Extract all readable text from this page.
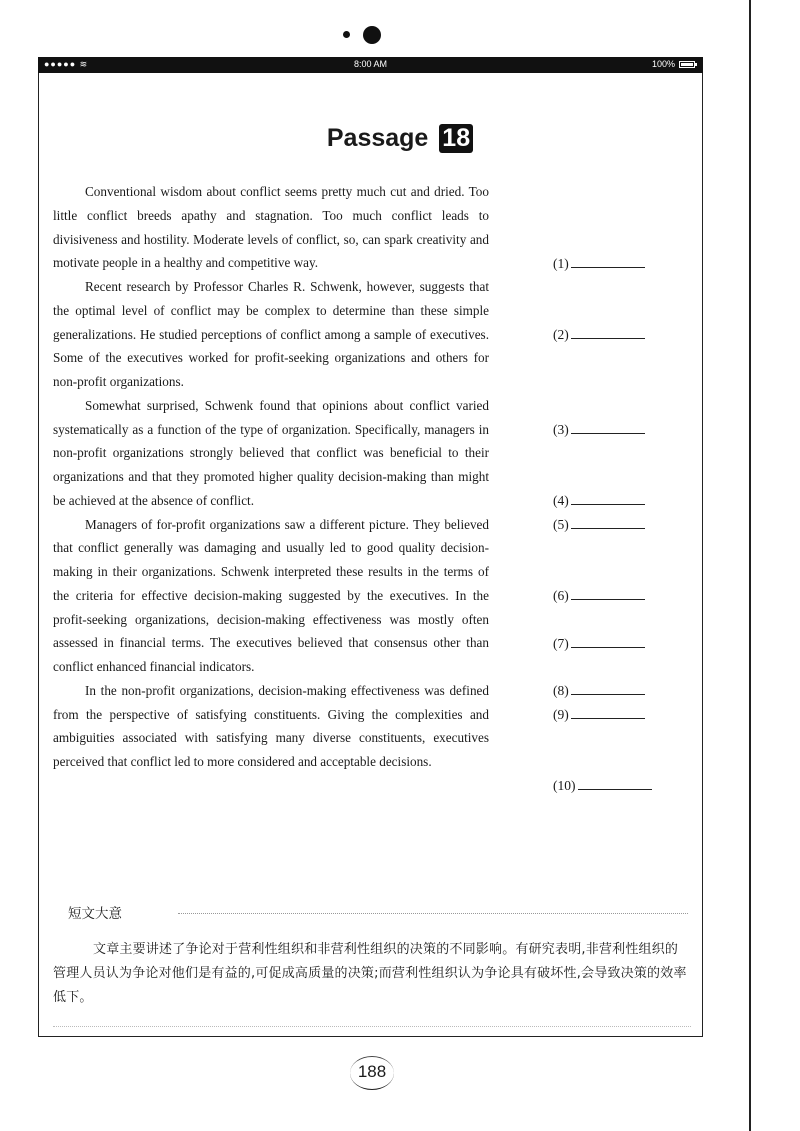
●●●●● ≋	8:00 AM	100%
Passage 18

Conventional wisdom about conflict seems pretty much cut and dried. Too little conflict breeds apathy and stagnation. Too much conflict leads to divisiveness and hostility. Moderate levels of conflict, so, can spark creativity and motivate people in a healthy and competitive way.

Recent research by Professor Charles R. Schwenk, however, suggests that the optimal level of conflict may be complex to determine than these simple generalizations. He studied perceptions of conflict among a sample of executives. Some of the executives worked for profit-seeking organizations and others for non-profit organizations.

Somewhat surprised, Schwenk found that opinions about conflict varied systematically as a function of the type of organization. Specifically, managers in non-profit organizations strongly believed that conflict was beneficial to their organizations and that they promoted higher quality decision-making than might be achieved at the absence of conflict.

Managers of for-profit organizations saw a different picture. They believed that conflict generally was damaging and usually led to good quality decision-making in their organizations. Schwenk interpreted these results in the terms of the criteria for effective decision-making suggested by the executives. In the profit-seeking organizations, decision-making effectiveness was mostly often assessed in financial terms. The executives believed that consensus other than conflict enhanced financial indicators.

In the non-profit organizations, decision-making effectiveness was defined from the perspective of satisfying constituents. Giving the complexities and ambiguities associated with satisfying many diverse constituents, executives perceived that conflict led to more considered and acceptable decisions.

(1)
(2)
(3)
(4)
(5)
(6)
(7)
(8)
(9)
(10)
短文大意
文章主要讲述了争论对于营利性组织和非营利性组织的决策的不同影响。有研究表明,非营利性组织的管理人员认为争论对他们是有益的,可促成高质量的决策;而营利性组织认为争论具有破坏性,会导致决策的效率低下。
188
